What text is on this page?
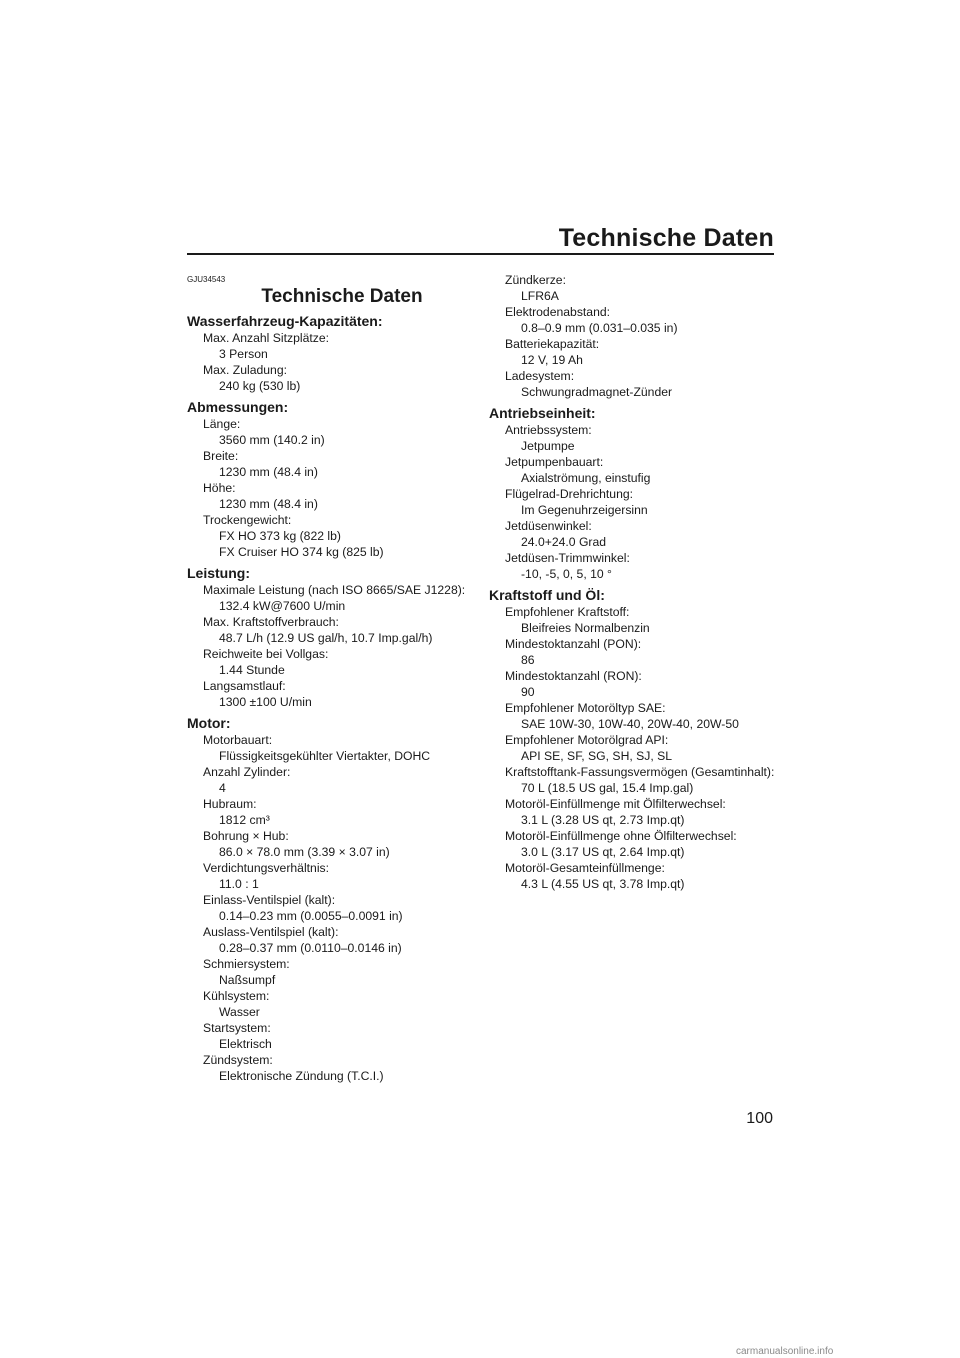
Technische Daten
GJU34543
Technische Daten
Wasserfahrzeug-Kapazitäten:
Max. Anzahl Sitzplätze:
3 Person
Max. Zuladung:
240 kg (530 lb)
Abmessungen:
Länge:
3560 mm (140.2 in)
Breite:
1230 mm (48.4 in)
Höhe:
1230 mm (48.4 in)
Trockengewicht:
FX HO 373 kg (822 lb)
FX Cruiser HO 374 kg (825 lb)
Leistung:
Maximale Leistung (nach ISO 8665/SAE J1228):
132.4 kW@7600 U/min
Max. Kraftstoffverbrauch:
48.7 L/h (12.9 US gal/h, 10.7 Imp.gal/h)
Reichweite bei Vollgas:
1.44 Stunde
Langsamstlauf:
1300 ±100 U/min
Motor:
Motorbauart:
Flüssigkeitsgekühlter Viertakter, DOHC
Anzahl Zylinder:
4
Hubraum:
1812 cm³
Bohrung × Hub:
86.0 × 78.0 mm (3.39 × 3.07 in)
Verdichtungsverhältnis:
11.0 : 1
Einlass-Ventilspiel (kalt):
0.14–0.23 mm (0.0055–0.0091 in)
Auslass-Ventilspiel (kalt):
0.28–0.37 mm (0.0110–0.0146 in)
Schmiersystem:
Naßsumpf
Kühlsystem:
Wasser
Startsystem:
Elektrisch
Zündsystem:
Elektronische Zündung (T.C.I.)
Zündkerze:
LFR6A
Elektrodenabstand:
0.8–0.9 mm (0.031–0.035 in)
Batteriekapazität:
12 V, 19 Ah
Ladesystem:
Schwungradmagnet-Zünder
Antriebseinheit:
Antriebssystem:
Jetpumpe
Jetpumpenbauart:
Axialströmung, einstufig
Flügelrad-Drehrichtung:
Im Gegenuhrzeigersinn
Jetdüsenwinkel:
24.0+24.0 Grad
Jetdüsen-Trimmwinkel:
-10, -5, 0, 5, 10 °
Kraftstoff und Öl:
Empfohlener Kraftstoff:
Bleifreies Normalbenzin
Mindestoktanzahl (PON):
86
Mindestoktanzahl (RON):
90
Empfohlener Motoröltyp SAE:
SAE 10W-30, 10W-40, 20W-40, 20W-50
Empfohlener Motorölgrad API:
API SE, SF, SG, SH, SJ, SL
Kraftstofftank-Fassungsvermögen (Gesamtinhalt):
70 L (18.5 US gal, 15.4 Imp.gal)
Motoröl-Einfüllmenge mit Ölfilterwechsel:
3.1 L (3.28 US qt, 2.73 Imp.qt)
Motoröl-Einfüllmenge ohne Ölfilterwechsel:
3.0 L (3.17 US qt, 2.64 Imp.qt)
Motoröl-Gesamteinfüllmenge:
4.3 L (4.55 US qt, 3.78 Imp.qt)
100
carmanualsonline.info
